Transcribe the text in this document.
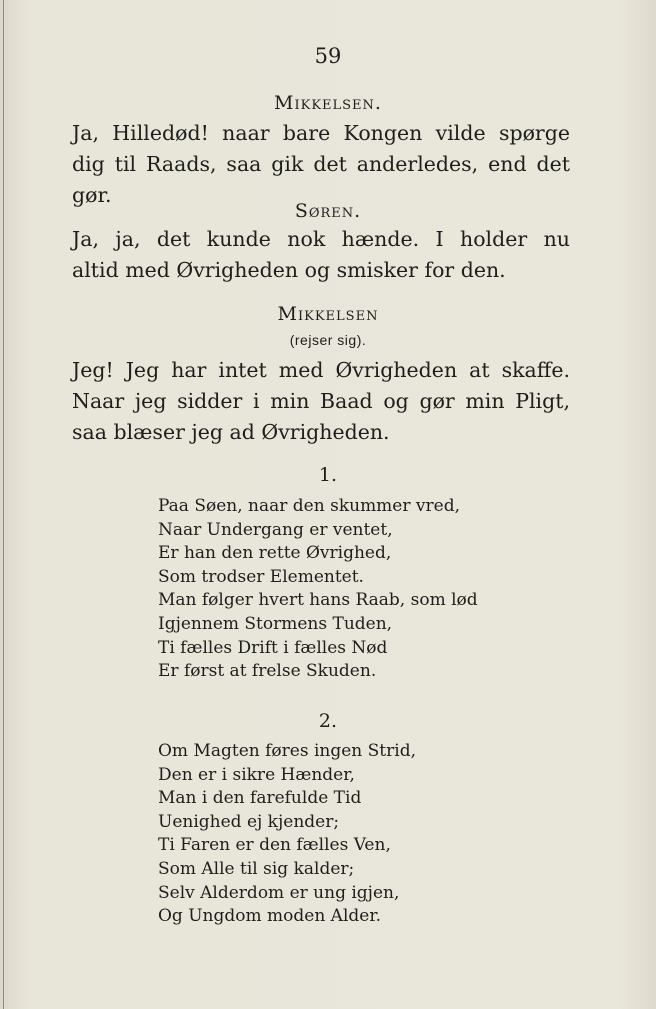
59
Mikkelsen.
Ja, Hilledød! naar bare Kongen vilde spørge
dig til Raads, saa gik det anderledes, end det gør.
Søren.
Ja, ja, det kunde nok hænde. I holder nu
altid med Øvrigheden og smisker for den.
Mikkelsen
(rejser sig).
Jeg! Jeg har intet med Øvrigheden at skaffe.
Naar jeg sidder i min Baad og gør min Pligt,
saa blæser jeg ad Øvrigheden.
1.
Paa Søen, naar den skummer vred,
Naar Undergang er ventet,
Er han den rette Øvrighed,
Som trodser Elementet.
Man følger hvert hans Raab, som lød
Igjennem Stormens Tuden,
Ti fælles Drift i fælles Nød
Er først at frelse Skuden.
2.
Om Magten føres ingen Strid,
Den er i sikre Hænder,
Man i den farefulde Tid
Uenighed ej kjender;
Ti Faren er den fælles Ven,
Som Alle til sig kalder;
Selv Alderdom er ung igjen,
Og Ungdom moden Alder.
